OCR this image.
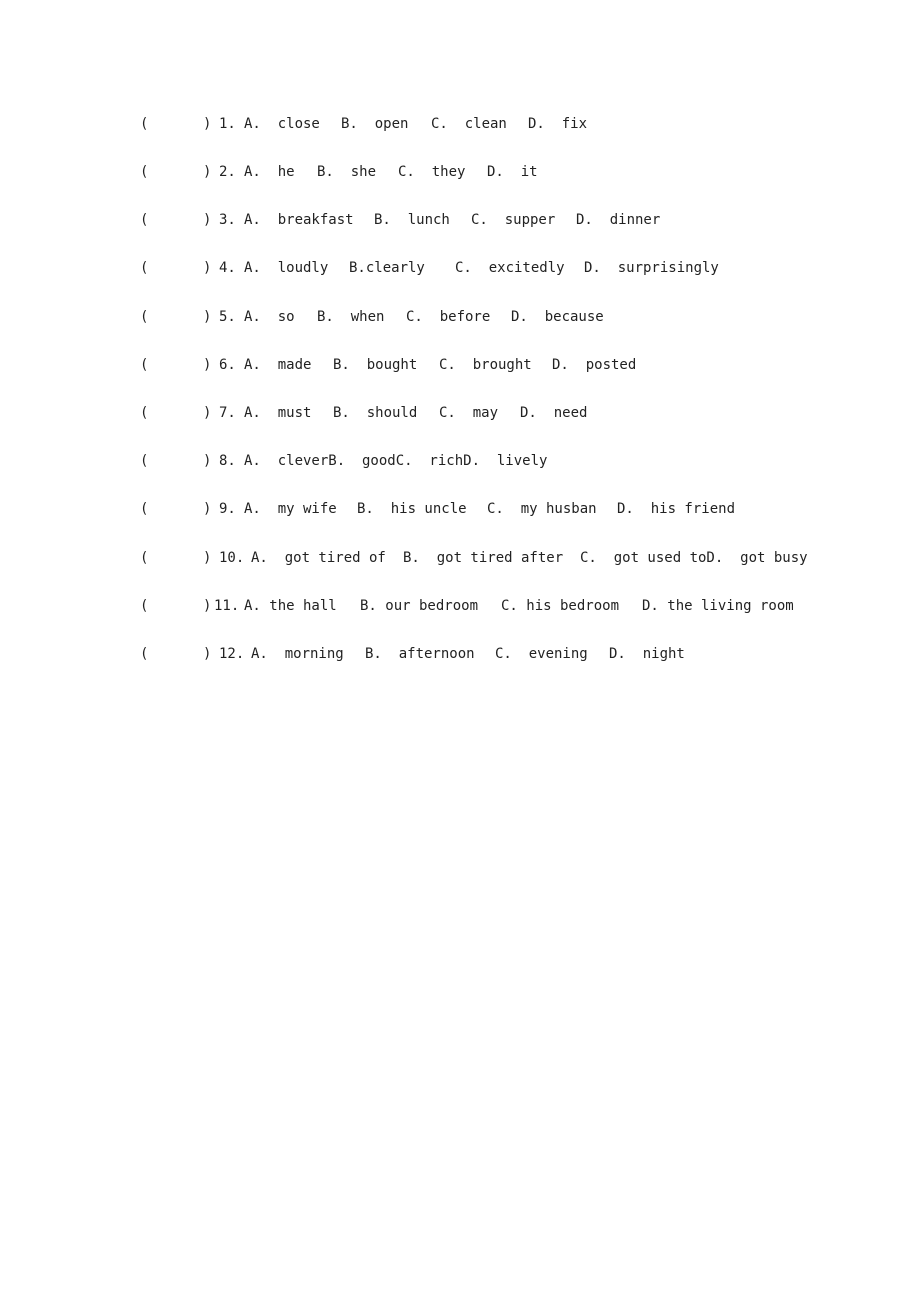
(	) 1. A.  close B.  open C.  clean D.  fix
(	) 2. A.  he B.  she C.  they D.  it
(	) 3. A.  breakfast B.  lunch C.  supper D.  dinner
(	) 4. A.  loudly B.clearly C.  excitedly D.  surprisingly
(	) 5. A.  so B.  when C.  before D.  because
(	) 6. A.  made B.  bought C.  brought D.  posted
(	) 7. A.  must B.  should C.  may D.  need
(	) 8. A.  cleverB.  goodC.  richD.  lively
(	) 9. A.  my wife B.  his uncle C.  my husban D.  his friend
(	) 10. A.  got tired of B.  got tired after C.  got used toD.  got busy
(	) 11. A. the hall B. our bedroom C. his bedroom D. the living room
(	) 12. A.  morning B.  afternoon C.  evening D.  night
